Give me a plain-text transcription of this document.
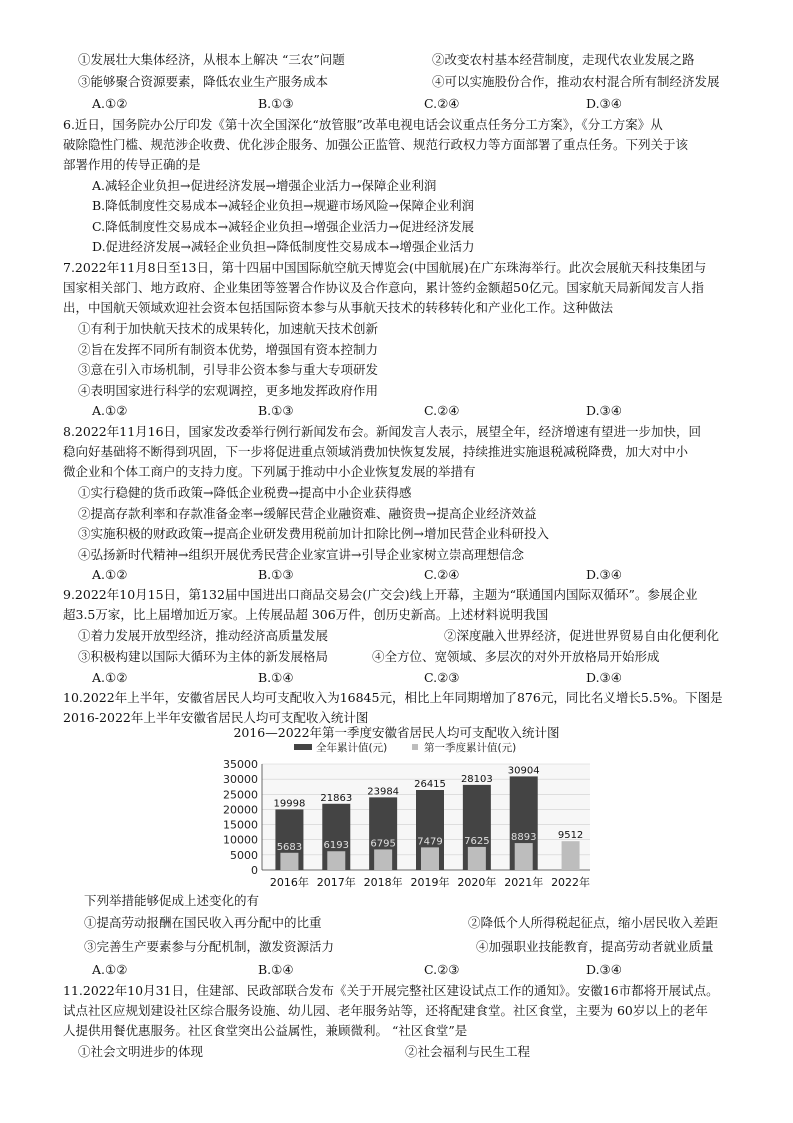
①发展壮大集体经济，从根本上解决 “三农”问题	②改变农村基本经营制度，走现代农业发展之路
③能够聚合资源要素，降低农业生产服务成本	④可以实施股份合作，推动农村混合所有制经济发展
A.①②	B.①③	C.②④	D.③④
6.近日，国务院办公厅印发《第十次全国深化“放管服”改革电视电话会议重点任务分工方案》，《分工方案》从
破除隐性门槛、规范涉企收费、优化涉企服务、加强公正监管、规范行政权力等方面部署了重点任务。下列关于该
部署作用的传导正确的是
A.减轻企业负担→促进经济发展→增强企业活力→保障企业利润
B.降低制度性交易成本→减轻企业负担→规避市场风险→保障企业利润
C.降低制度性交易成本→减轻企业负担→增强企业活力→促进经济发展
D.促进经济发展→减轻企业负担→降低制度性交易成本→增强企业活力
7.2022年11月8日至13日，第十四届中国国际航空航天博览会(中国航展)在广东珠海举行。此次会展航天科技集团与
国家相关部门、地方政府、企业集团等签署合作协议及合作意向，累计签约金额超50亿元。国家航天局新闻发言人指
出，中国航天领域欢迎社会资本包括国际资本参与从事航天技术的转移转化和产业化工作。这种做法
①有利于加快航天技术的成果转化，加速航天技术创新
②旨在发挥不同所有制资本优势，增强国有资本控制力
③意在引入市场机制，引导非公资本参与重大专项研发
④表明国家进行科学的宏观调控，更多地发挥政府作用
A.①②	B.①③	C.②④	D.③④
8.2022年11月16日，国家发改委举行例行新闻发布会。新闻发言人表示，展望全年，经济增速有望进一步加快，回
稳向好基础将不断得到巩固，下一步将促进重点领域消费加快恢复发展，持续推进实施退税减税降费，加大对中小
微企业和个体工商户的支持力度。下列属于推动中小企业恢复发展的举措有
①实行稳健的货币政策→降低企业税费→提高中小企业获得感
②提高存款利率和存款准备金率→缓解民营企业融资难、融资贵→提高企业经济效益
③实施积极的财政政策→提高企业研发费用税前加计扣除比例→增加民营企业科研投入
④弘扬新时代精神→组织开展优秀民营企业家宣讲→引导企业家树立崇高理想信念
A.①②	B.①③	C.②④	D.③④
9.2022年10月15日，第132届中国进出口商品交易会(广交会)线上开幕，主题为“联通国内国际双循环”。参展企业
超3.5万家，比上届增加近万家。上传展品超 306万件，创历史新高。上述材料说明我国
①着力发展开放型经济，推动经济高质量发展	②深度融入世界经济，促进世界贸易自由化便利化
③积极构建以国际大循环为主体的新发展格局	④全方位、宽领域、多层次的对外开放格局开始形成
A.①②	B.①④	C.②③	D.③④
10.2022年上半年，安徽省居民人均可支配收入为16845元，相比上年同期增加了876元，同比名义增长5.5%。下图是
2016-2022年上半年安徽省居民人均可支配收入统计图
2016—2022年第一季度安徽省居民人均可支配收入统计图
35000
30000
25000
20000
15000
10000
5000
0
全年累计值(元)	第一季度累计值(元)
19998
5683
2016年
21863
6193
2017年
23984
6795
2018年
26415
7479
2019年
28103
7625
2020年
30904
8893
2021年
9512
2022年
下列举措能够促成上述变化的有
①提高劳动报酬在国民收入再分配中的比重	②降低个人所得税起征点，缩小居民收入差距
③完善生产要素参与分配机制，激发资源活力	④加强职业技能教育，提高劳动者就业质量
A.①②	B.①④	C.②③	D.③④
11.2022年10月31日，住建部、民政部联合发布《关于开展完整社区建设试点工作的通知》。安徽16市都将开展试点。
试点社区应规划建设社区综合服务设施、幼儿园、老年服务站等，还将配建食堂。社区食堂，主要为 60岁以上的老年
人提供用餐优惠服务。社区食堂突出公益属性，兼顾微利。 “社区食堂”是
①社会文明进步的体现	②社会福利与民生工程
